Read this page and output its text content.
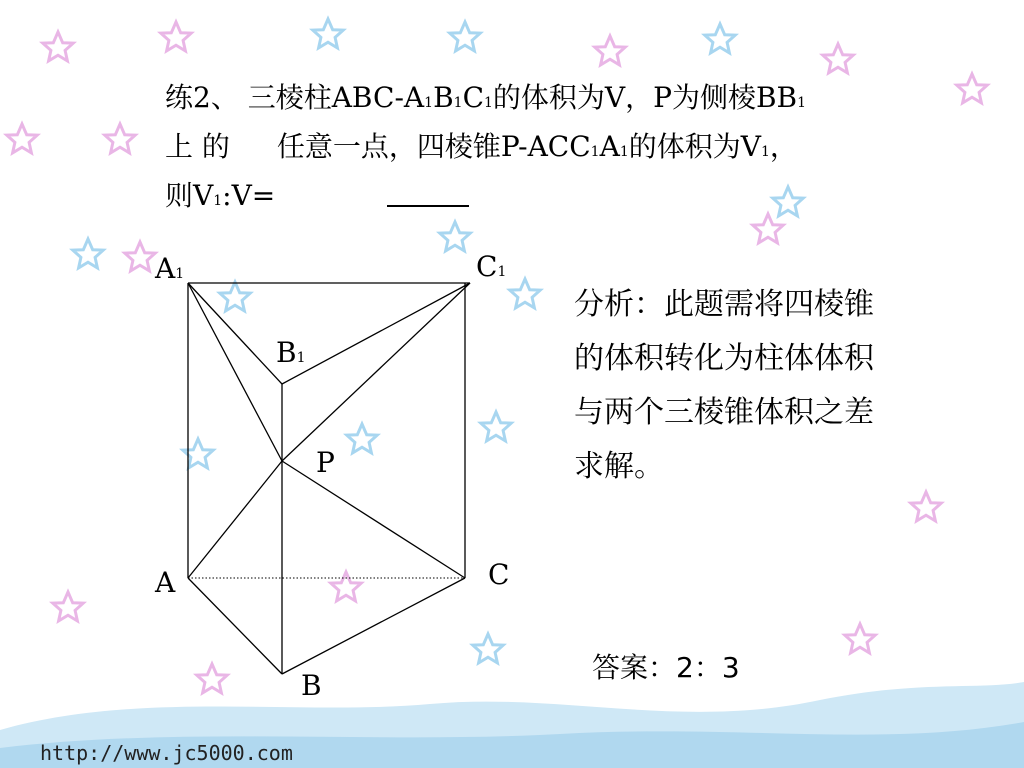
练2、 三棱柱ABC-A1B1C1的体积为V，P为侧棱BB1
上 的 任意一点，四棱锥P-ACC1A1的体积为V1，
则V1:V=
A1	C1
B1
P
A	C
B
分析：此题需将四棱锥
的体积转化为柱体体积
与两个三棱锥体积之差
求解。
答案：2：3
http://www.jc5000.com
